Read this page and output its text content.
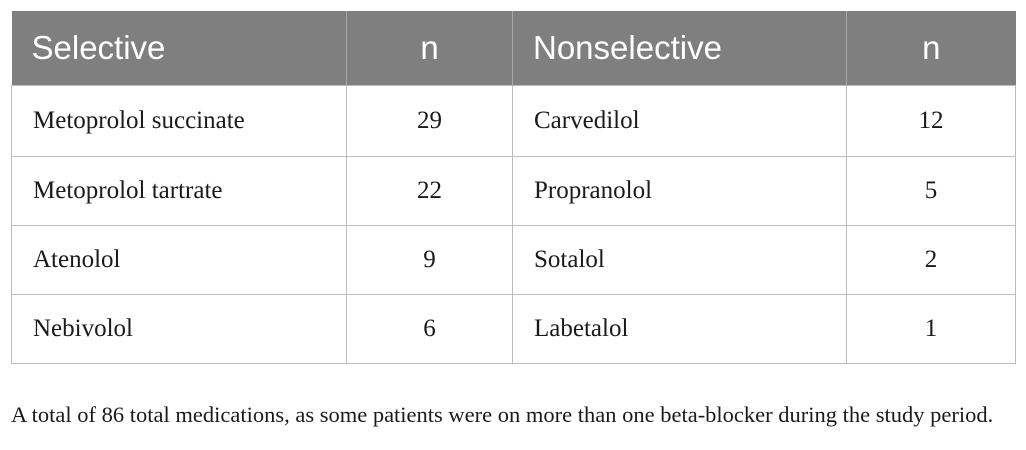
Selective	n	Nonselective	n
Metoprolol succinate	29	Carvedilol	12
Metoprolol tartrate	22	Propranolol	5
Atenolol	9	Sotalol	2
Nebivolol	6	Labetalol	1

A total of 86 total medications, as some patients were on more than one beta-blocker during the study period.
